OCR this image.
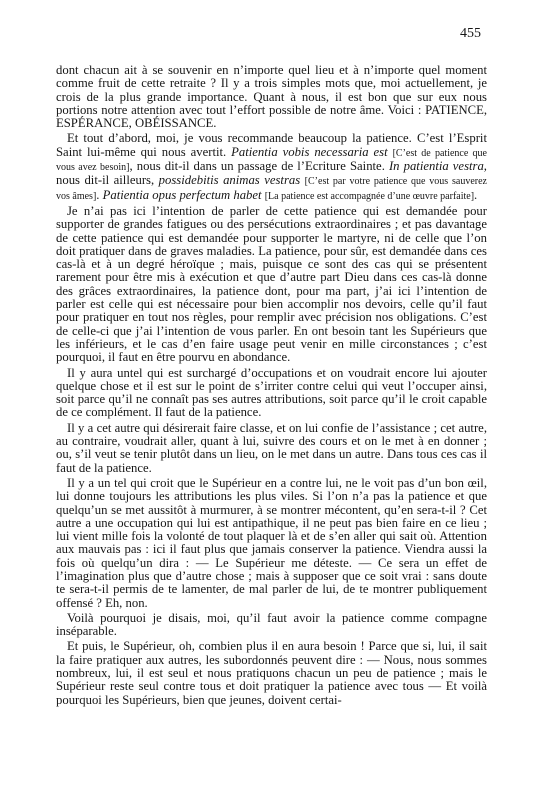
455

dont chacun ait à se souvenir en n’importe quel lieu et à n’importe quel moment comme fruit de cette retraite ? Il y a trois simples mots que, moi actuellement, je crois de la plus grande importance. Quant à nous, il est bon que sur eux nous portions notre attention avec tout l’effort possible de notre âme. Voici : PATIENCE, ESPÉRANCE, OBÉISSANCE.

Et tout d’abord, moi, je vous recommande beaucoup la patience. C’est l’Esprit Saint lui-même qui nous avertit. Patientia vobis necessaria est [C’est de patience que vous avez besoin], nous dit-il dans un passage de l’Ecriture Sainte. In patientia vestra, nous dit-il ailleurs, possidebitis animas vestras [C’est par votre patience que vous sauverez vos âmes]. Patientia opus perfectum habet [La patience est accompagnée d’une œuvre parfaite].

Je n’ai pas ici l’intention de parler de cette patience qui est demandée pour supporter de grandes fatigues ou des persécutions extraordinaires ; et pas davantage de cette patience qui est demandée pour supporter le martyre, ni de celle que l’on doit pratiquer dans de graves maladies. La patience, pour sûr, est demandée dans ces cas-là et à un degré héroïque ; mais, puisque ce sont des cas qui se présentent rarement pour être mis à exécution et que d’autre part Dieu dans ces cas-là donne des grâces extraordinaires, la patience dont, pour ma part, j’ai ici l’intention de parler est celle qui est nécessaire pour bien accomplir nos devoirs, celle qu’il faut pour pratiquer en tout nos règles, pour remplir avec précision nos obligations. C’est de celle-ci que j’ai l’intention de vous parler. En ont besoin tant les Supérieurs que les inférieurs, et le cas d’en faire usage peut venir en mille circonstances ; c’est pourquoi, il faut en être pourvu en abondance.

Il y aura untel qui est surchargé d’occupations et on voudrait encore lui ajouter quelque chose et il est sur le point de s’irriter contre celui qui veut l’occuper ainsi, soit parce qu’il ne connaît pas ses autres attributions, soit parce qu’il le croit capable de ce complément. Il faut de la patience.

Il y a cet autre qui désirerait faire classe, et on lui confie de l’assistance ; cet autre, au contraire, voudrait aller, quant à lui, suivre des cours et on le met à en donner ; ou, s’il veut se tenir plutôt dans un lieu, on le met dans un autre. Dans tous ces cas il faut de la patience.

Il y a un tel qui croit que le Supérieur en a contre lui, ne le voit pas d’un bon œil, lui donne toujours les attributions les plus viles. Si l’on n’a pas la patience et que quelqu’un se met aussitôt à murmurer, à se montrer mécontent, qu’en sera-t-il ? Cet autre a une occupation qui lui est antipathique, il ne peut pas bien faire en ce lieu ; lui vient mille fois la volonté de tout plaquer là et de s’en aller qui sait où. Attention aux mauvais pas : ici il faut plus que jamais conserver la patience. Viendra aussi la fois où quelqu’un dira : — Le Supérieur me déteste. — Ce sera un effet de l’imagination plus que d’autre chose ; mais à supposer que ce soit vrai : sans doute te sera-t-il permis de te lamenter, de mal parler de lui, de te montrer publiquement offensé ? Eh, non.

Voilà pourquoi je disais, moi, qu’il faut avoir la patience comme compagne inséparable.

Et puis, le Supérieur, oh, combien plus il en aura besoin ! Parce que si, lui, il sait la faire pratiquer aux autres, les subordonnés peuvent dire : — Nous, nous sommes nombreux, lui, il est seul et nous pratiquons chacun un peu de patience ; mais le Supérieur reste seul contre tous et doit pratiquer la patience avec tous — Et voilà pourquoi les Supérieurs, bien que jeunes, doivent certai-
